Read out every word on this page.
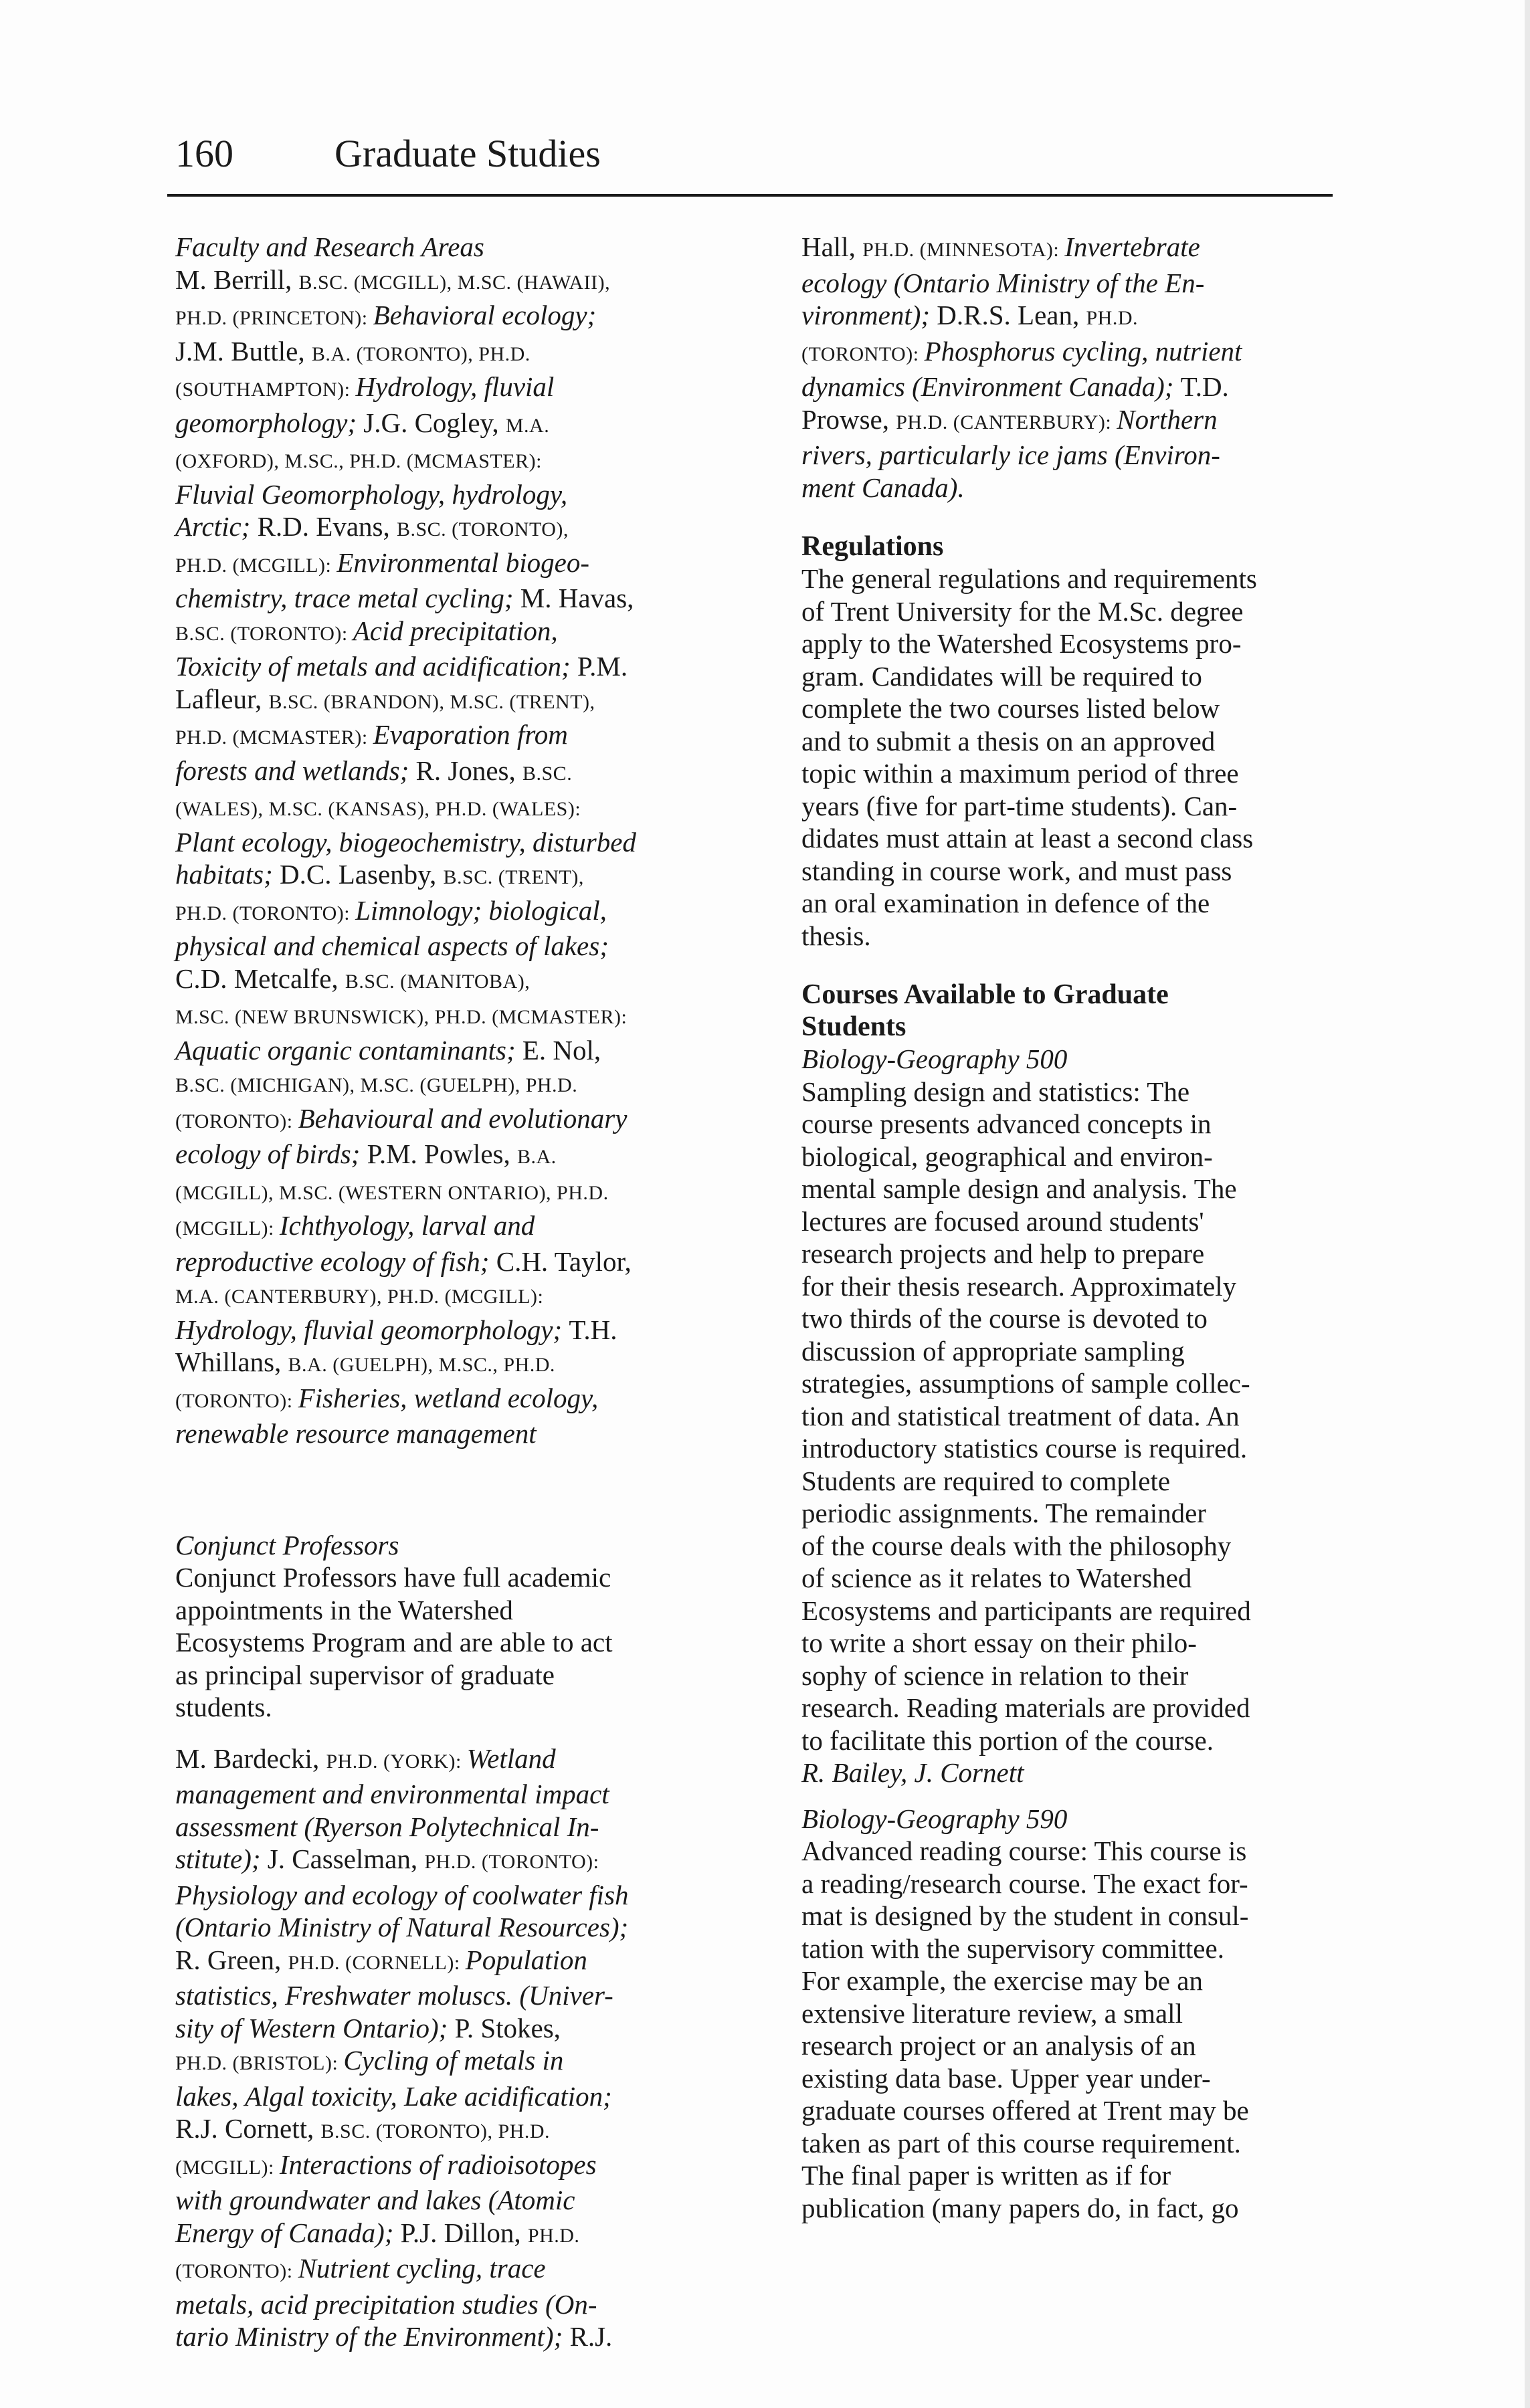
160	Graduate Studies

Faculty and Research Areas

M. Berrill, B.SC. (MCGILL), M.SC. (HAWAII),
PH.D. (PRINCETON): Behavioral ecology;
J.M. Buttle, B.A. (TORONTO), PH.D.
(SOUTHAMPTON): Hydrology, fluvial
geomorphology; J.G. Cogley, M.A.
(OXFORD), M.SC., PH.D. (MCMASTER):
Fluvial Geomorphology, hydrology,
Arctic; R.D. Evans, B.SC. (TORONTO),
PH.D. (MCGILL): Environmental biogeo-
chemistry, trace metal cycling; M. Havas,
B.SC. (TORONTO): Acid precipitation,
Toxicity of metals and acidification; P.M.
Lafleur, B.SC. (BRANDON), M.SC. (TRENT),
PH.D. (MCMASTER): Evaporation from
forests and wetlands; R. Jones, B.SC.
(WALES), M.SC. (KANSAS), PH.D. (WALES):
Plant ecology, biogeochemistry, disturbed
habitats; D.C. Lasenby, B.SC. (TRENT),
PH.D. (TORONTO): Limnology; biological,
physical and chemical aspects of lakes;
C.D. Metcalfe, B.SC. (MANITOBA),
M.SC. (NEW BRUNSWICK), PH.D. (MCMASTER):
Aquatic organic contaminants; E. Nol,
B.SC. (MICHIGAN), M.SC. (GUELPH), PH.D.
(TORONTO): Behavioural and evolutionary
ecology of birds; P.M. Powles, B.A.
(MCGILL), M.SC. (WESTERN ONTARIO), PH.D.
(MCGILL): Ichthyology, larval and
reproductive ecology of fish; C.H. Taylor,
M.A. (CANTERBURY), PH.D. (MCGILL):
Hydrology, fluvial geomorphology; T.H.
Whillans, B.A. (GUELPH), M.SC., PH.D.
(TORONTO): Fisheries, wetland ecology,
renewable resource management

Conjunct Professors

Conjunct Professors have full academic
appointments in the Watershed
Ecosystems Program and are able to act
as principal supervisor of graduate
students.
M. Bardecki, PH.D. (YORK): Wetland
management and environmental impact
assessment (Ryerson Polytechnical In-
stitute); J. Casselman, PH.D. (TORONTO):
Physiology and ecology of coolwater fish
(Ontario Ministry of Natural Resources);
R. Green, PH.D. (CORNELL): Population
statistics, Freshwater moluscs. (Univer-
sity of Western Ontario); P. Stokes,
PH.D. (BRISTOL): Cycling of metals in
lakes, Algal toxicity, Lake acidification;
R.J. Cornett, B.SC. (TORONTO), PH.D.
(MCGILL): Interactions of radioisotopes
with groundwater and lakes (Atomic
Energy of Canada); P.J. Dillon, PH.D.
(TORONTO): Nutrient cycling, trace
metals, acid precipitation studies (On-
tario Ministry of the Environment); R.J.
Hall, PH.D. (MINNESOTA): Invertebrate
ecology (Ontario Ministry of the En-
vironment); D.R.S. Lean, PH.D.
(TORONTO): Phosphorus cycling, nutrient
dynamics (Environment Canada); T.D.
Prowse, PH.D. (CANTERBURY): Northern
rivers, particularly ice jams (Environ-
ment Canada).

Regulations

The general regulations and requirements
of Trent University for the M.Sc. degree
apply to the Watershed Ecosystems pro-
gram. Candidates will be required to
complete the two courses listed below
and to submit a thesis on an approved
topic within a maximum period of three
years (five for part-time students). Can-
didates must attain at least a second class
standing in course work, and must pass
an oral examination in defence of the
thesis.
Courses Available to Graduate
Students

Biology-Geography 500

Sampling design and statistics: The
course presents advanced concepts in
biological, geographical and environ-
mental sample design and analysis. The
lectures are focused around students'
research projects and help to prepare
for their thesis research. Approximately
two thirds of the course is devoted to
discussion of appropriate sampling
strategies, assumptions of sample collec-
tion and statistical treatment of data. An
introductory statistics course is required.
Students are required to complete
periodic assignments. The remainder
of the course deals with the philosophy
of science as it relates to Watershed
Ecosystems and participants are required
to write a short essay on their philo-
sophy of science in relation to their
research. Reading materials are provided
to facilitate this portion of the course.

R. Bailey, J. Cornett

Biology-Geography 590

Advanced reading course: This course is
a reading/research course. The exact for-
mat is designed by the student in consul-
tation with the supervisory committee.
For example, the exercise may be an
extensive literature review, a small
research project or an analysis of an
existing data base. Upper year under-
graduate courses offered at Trent may be
taken as part of this course requirement.
The final paper is written as if for
publication (many papers do, in fact, go
